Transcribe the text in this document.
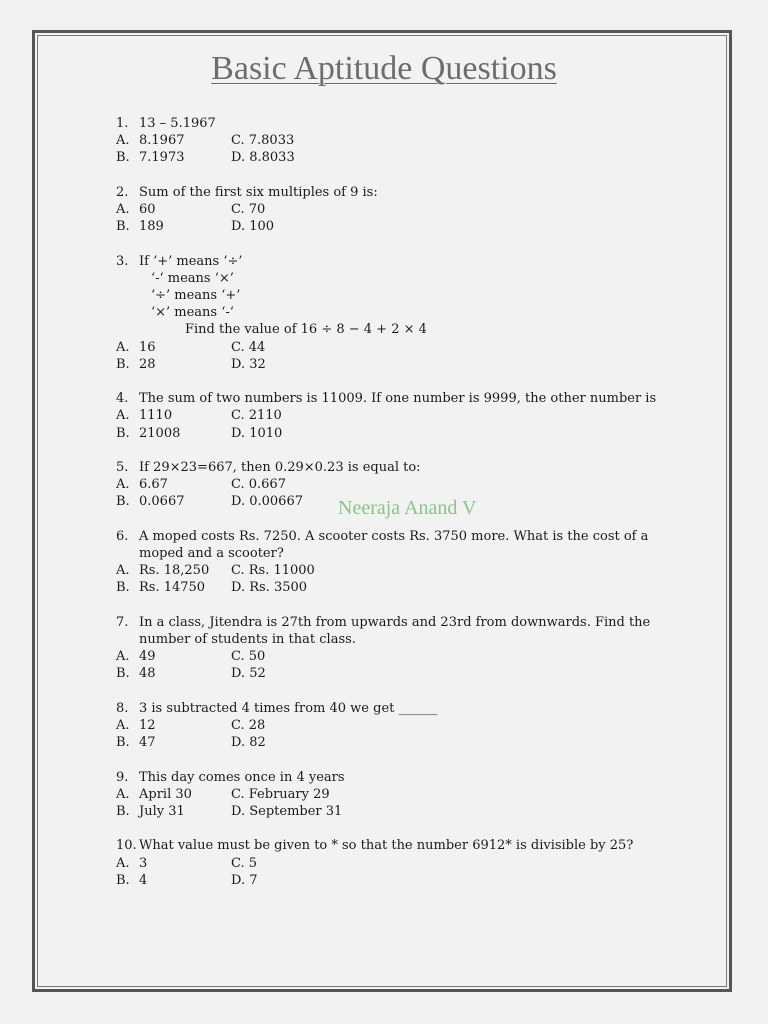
Basic Aptitude Questions
Neeraja Anand V
1. 13 – 5.1967
A. 8.1967	C. 7.8033
B. 7.1973	D. 8.8033
2. Sum of the first six multiples of 9 is:
A. 60	C. 70
B. 189	D. 100
3. If ‘+’ means ‘÷’
‘-‘ means ‘×’
‘÷’ means ‘+’
‘×’ means ‘-‘
Find the value of 16 ÷ 8 − 4 + 2 × 4
A. 16	C. 44
B. 28	D. 32
4. The sum of two numbers is 11009. If one number is 9999, the other number is
A. 1110	C. 2110
B. 21008	D. 1010
5. If 29×23=667, then 0.29×0.23 is equal to:
A. 6.67	C. 0.667
B. 0.0667	D. 0.00667
6. A moped costs Rs. 7250. A scooter costs Rs. 3750 more. What is the cost of a moped and a scooter?
A. Rs. 18,250	C. Rs. 11000
B. Rs. 14750	D. Rs. 3500
7. In a class, Jitendra is 27th from upwards and 23rd from downwards. Find the number of students in that class.
A. 49	C. 50
B. 48	D. 52
8. 3 is subtracted 4 times from 40 we get ______
A. 12	C. 28
B. 47	D. 82
9. This day comes once in 4 years
A. April 30	C. February 29
B. July 31	D. September 31
10. What value must be given to * so that the number 6912* is divisible by 25?
A. 3	C. 5
B. 4	D. 7
